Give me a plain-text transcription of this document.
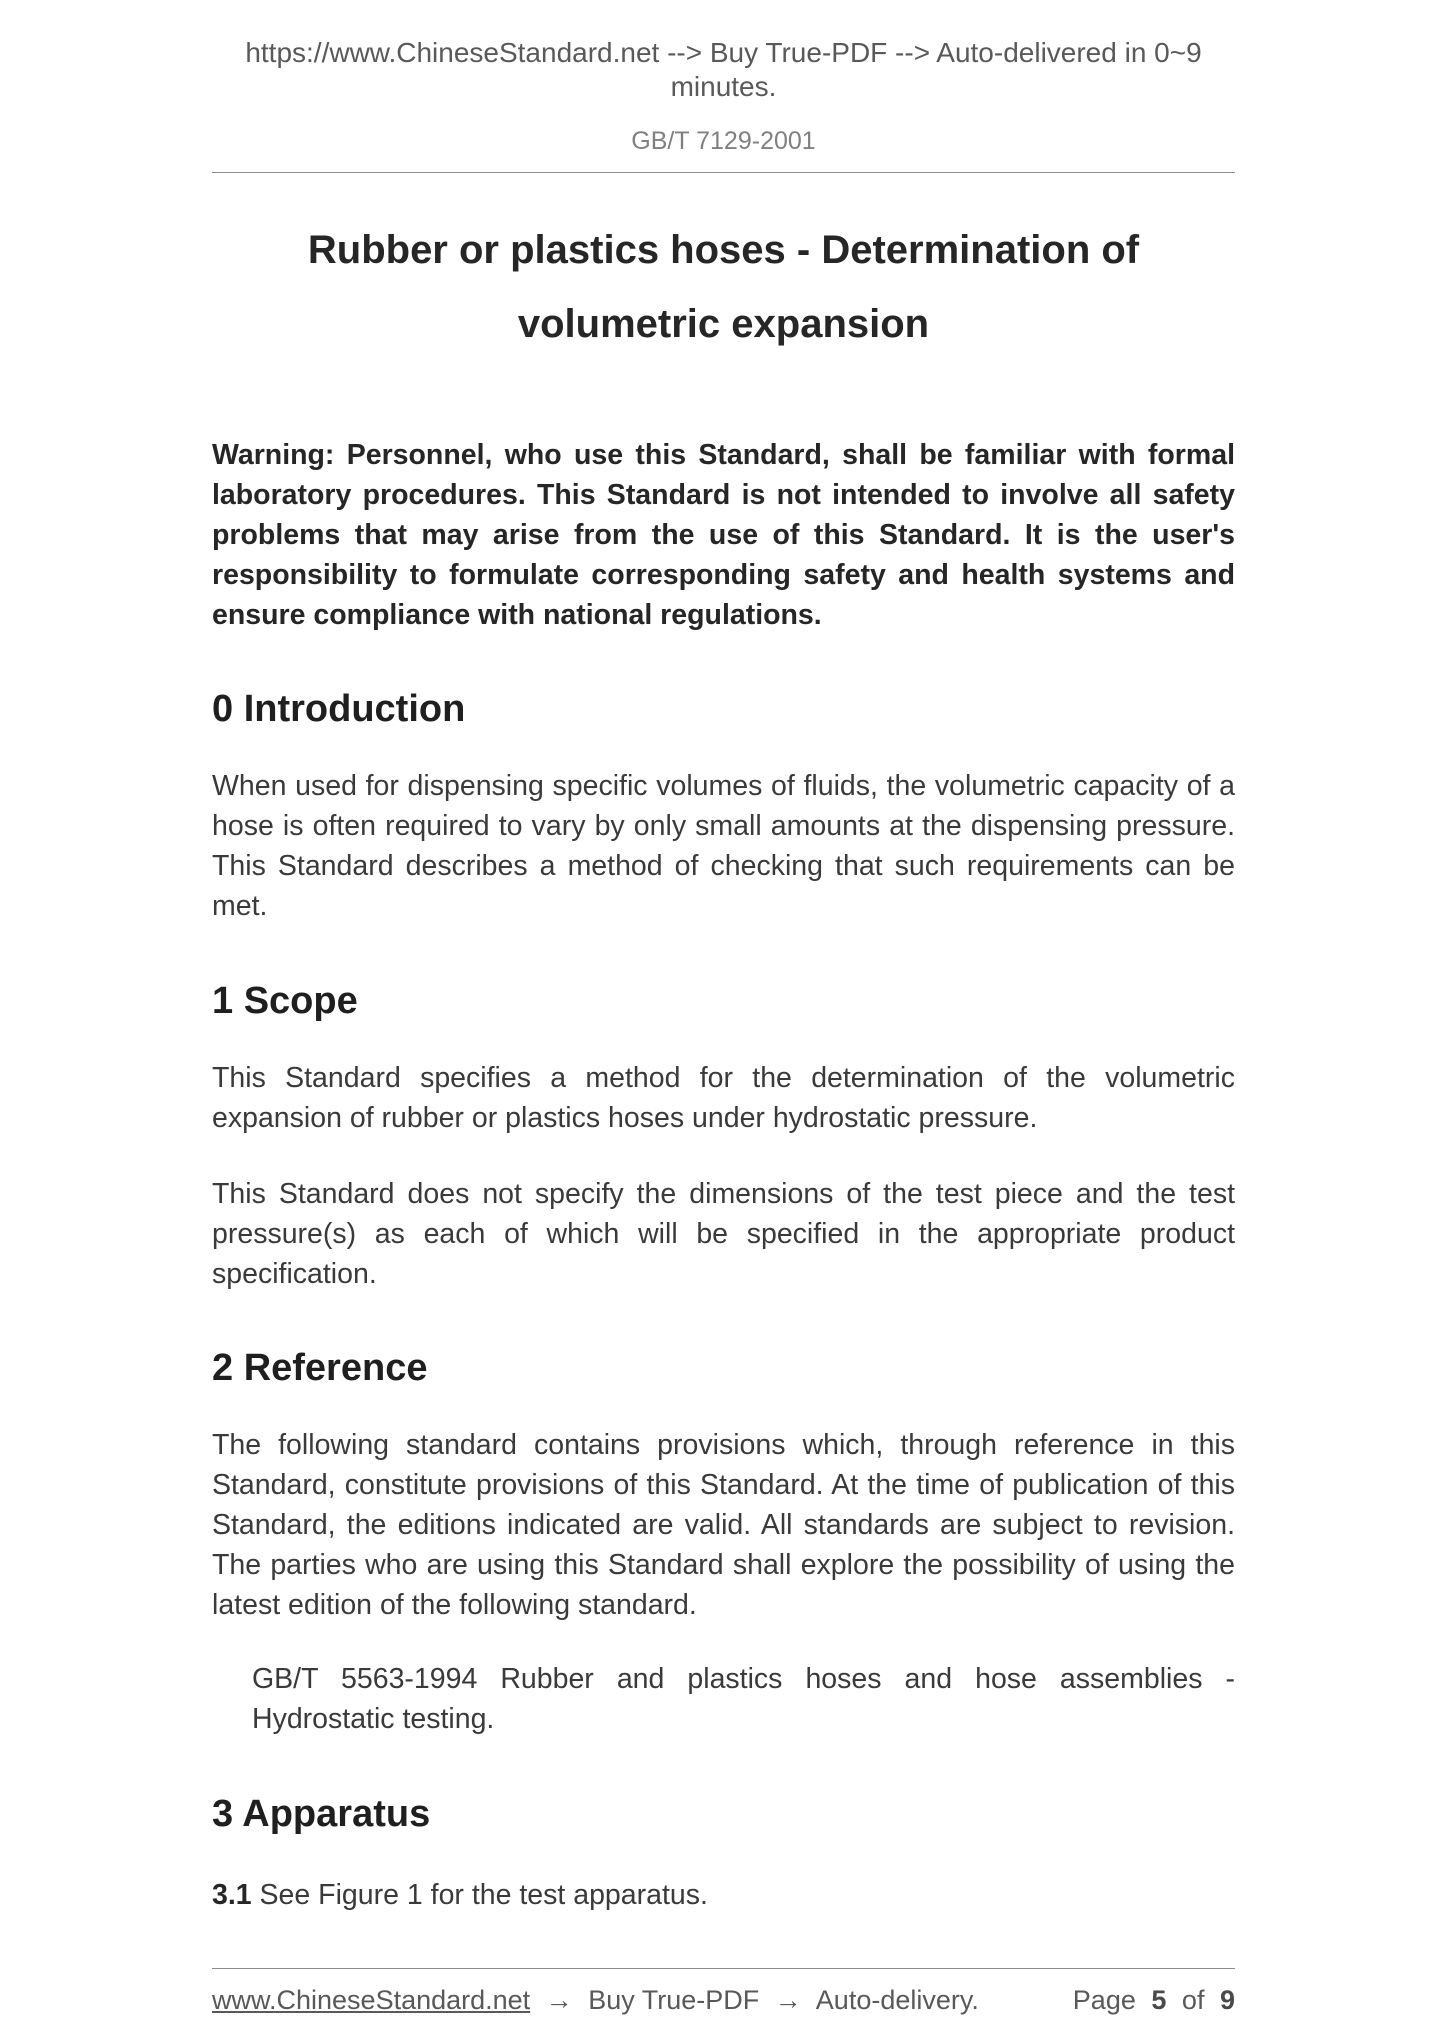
https://www.ChineseStandard.net --> Buy True-PDF --> Auto-delivered in 0~9 minutes.
GB/T 7129-2001
Rubber or plastics hoses - Determination of
volumetric expansion
Warning: Personnel, who use this Standard, shall be familiar with formal laboratory procedures. This Standard is not intended to involve all safety problems that may arise from the use of this Standard. It is the user's responsibility to formulate corresponding safety and health systems and ensure compliance with national regulations.
0 Introduction

When used for dispensing specific volumes of fluids, the volumetric capacity of a hose is often required to vary by only small amounts at the dispensing pressure. This Standard describes a method of checking that such requirements can be met.

1 Scope

This Standard specifies a method for the determination of the volumetric expansion of rubber or plastics hoses under hydrostatic pressure.

This Standard does not specify the dimensions of the test piece and the test pressure(s) as each of which will be specified in the appropriate product specification.

2 Reference

The following standard contains provisions which, through reference in this Standard, constitute provisions of this Standard. At the time of publication of this Standard, the editions indicated are valid. All standards are subject to revision. The parties who are using this Standard shall explore the possibility of using the latest edition of the following standard.

GB/T 5563-1994 Rubber and plastics hoses and hose assemblies - Hydrostatic testing.

3 Apparatus

3.1 See Figure 1 for the test apparatus.

www.ChineseStandard.net → Buy True-PDF → Auto-delivery.	Page 5 of 9
